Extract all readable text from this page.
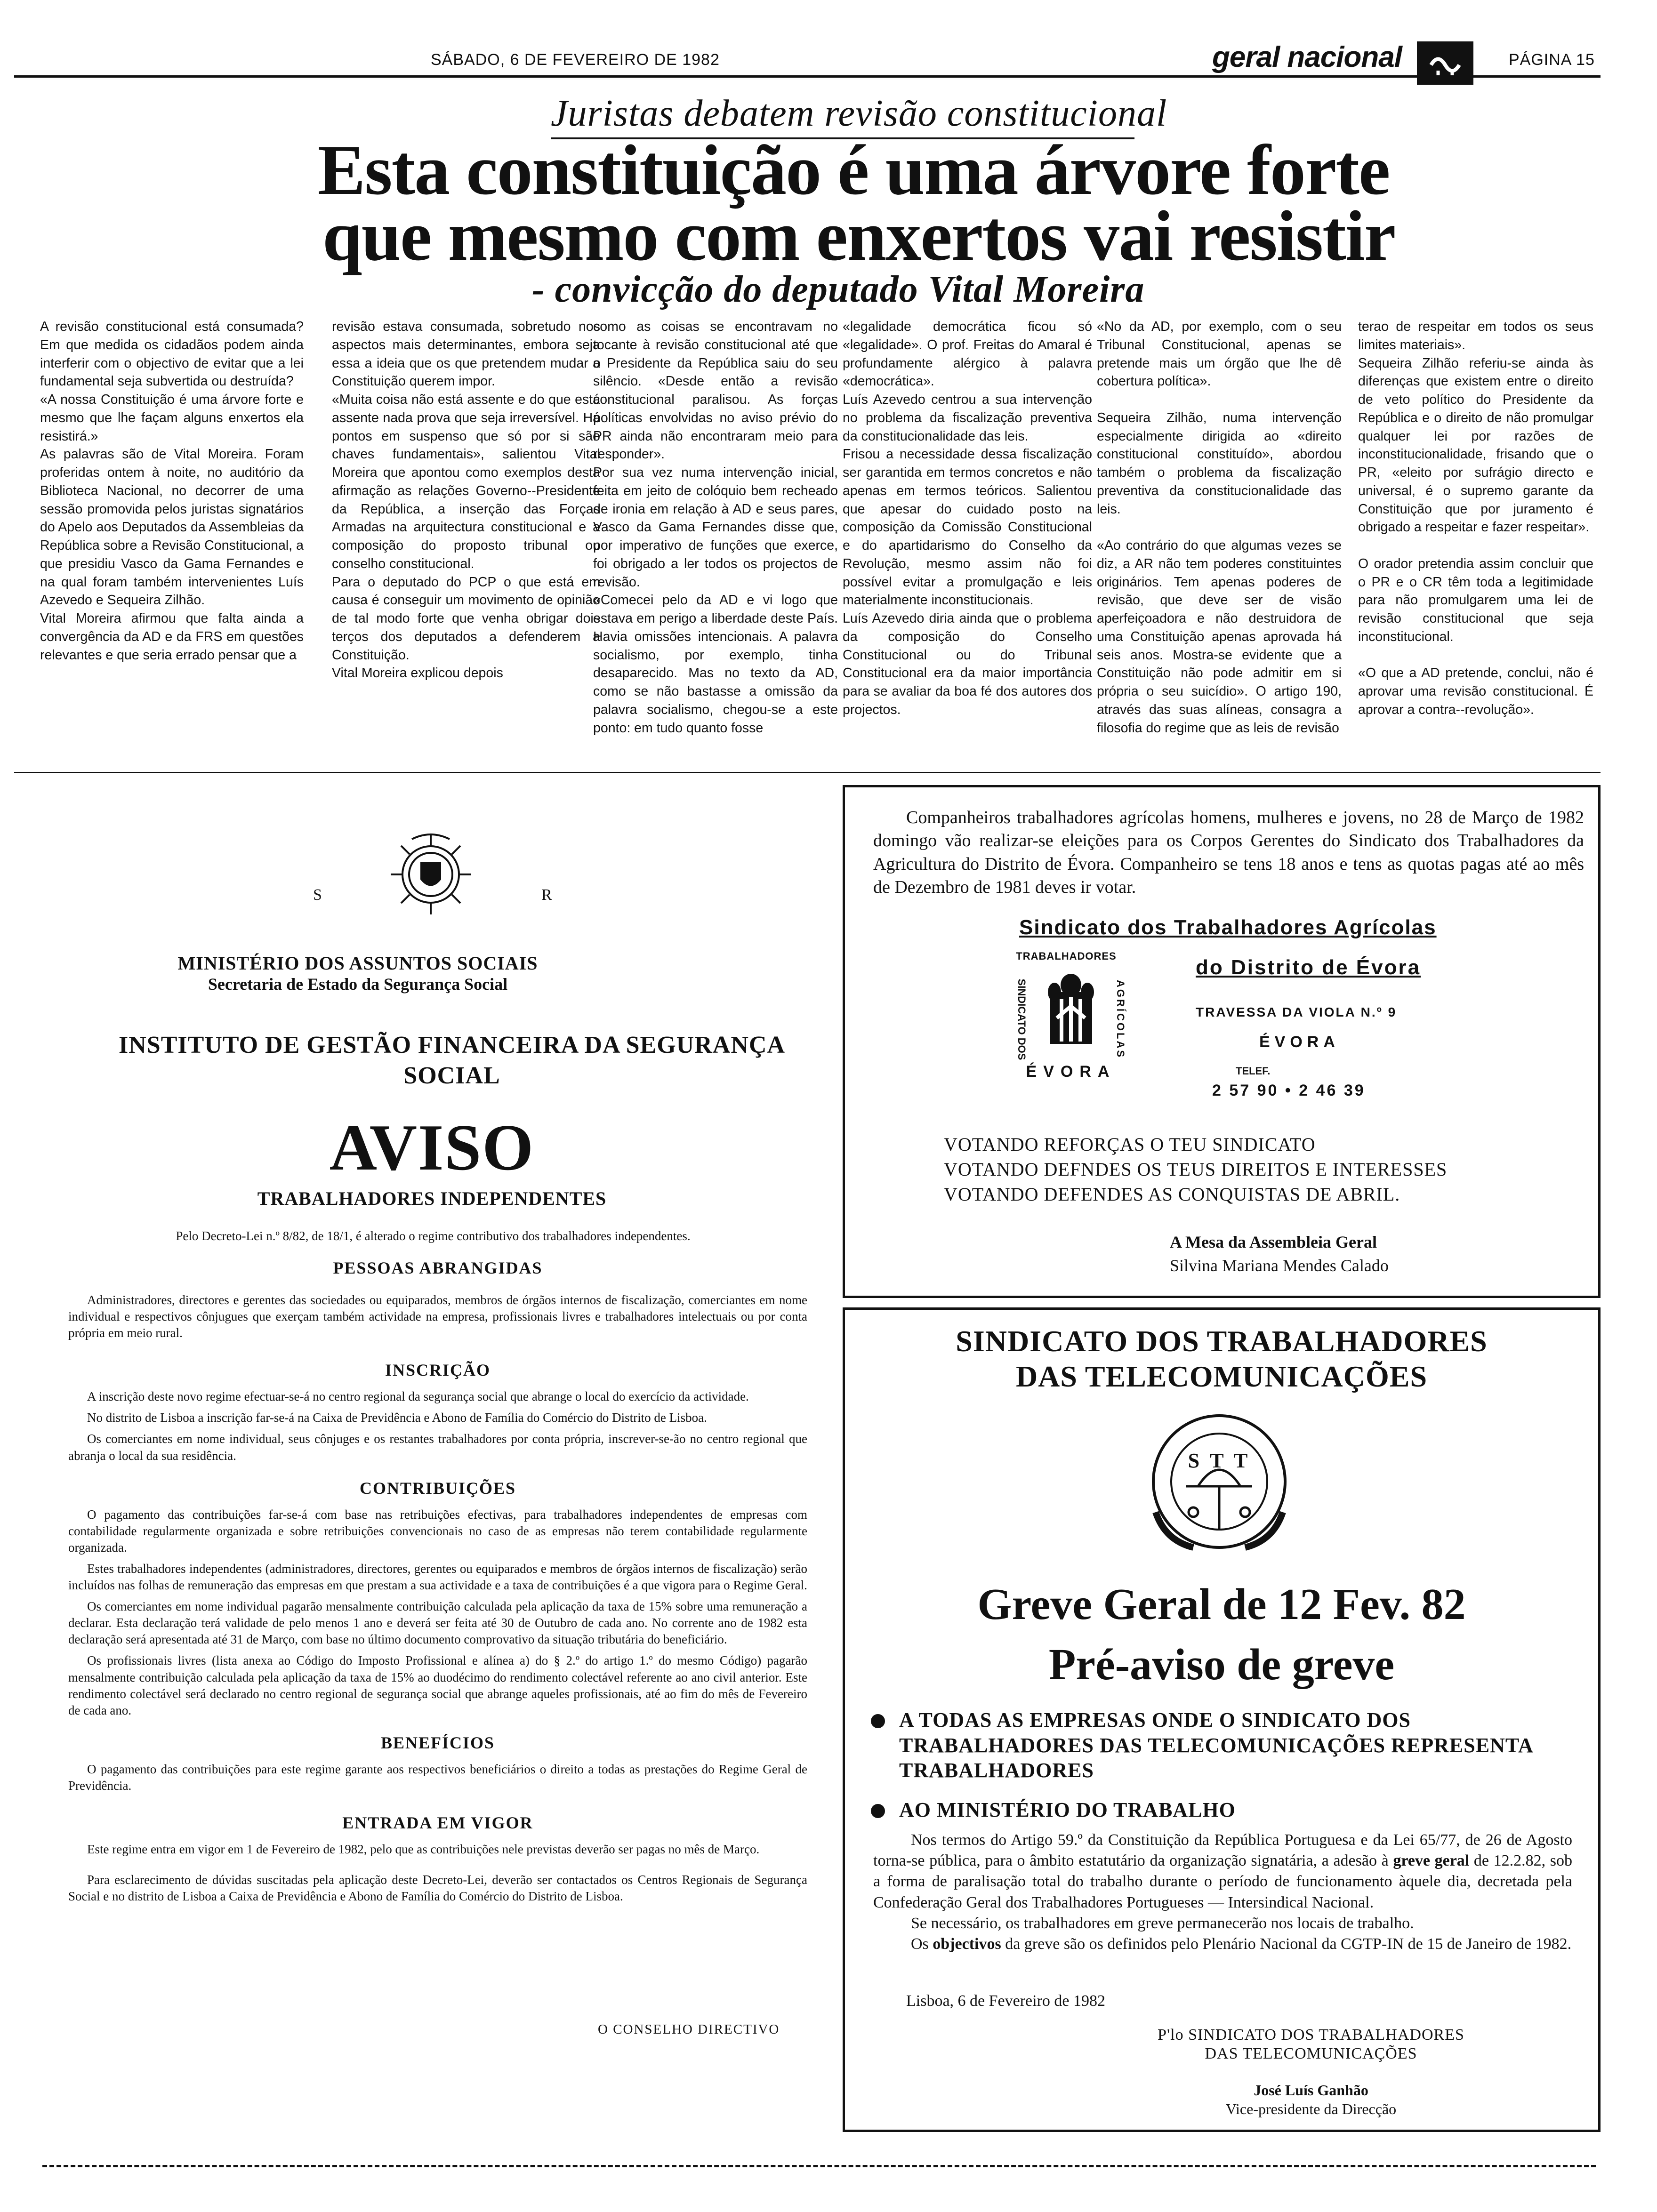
SÁBADO, 6 DE FEVEREIRO DE 1982	geral nacional	PÁGINA 15
Juristas debatem revisão constitucional
Esta constituição é uma árvore forte
que mesmo com enxertos vai resistir
- convicção do deputado Vital Moreira
A revisão constitucional está consumada? Em que medida os cidadãos podem ainda interferir com o objectivo de evitar que a lei fundamental seja subvertida ou destruída?
«A nossa Constituição é uma árvore forte e mesmo que lhe façam alguns enxertos ela resistirá.»
As palavras são de Vital Moreira. Foram proferidas ontem à noite, no auditório da Biblioteca Nacional, no decorrer de uma sessão promovida pelos juristas signatários do Apelo aos Deputados da Assembleias da República sobre a Revisão Constitucional, a que presidiu Vasco da Gama Fernandes e na qual foram também intervenientes Luís Azevedo e Sequeira Zilhão.
Vital Moreira afirmou que falta ainda a convergência da AD e da FRS em questões relevantes e que seria errado pensar que a
revisão estava consumada, sobretudo nos aspectos mais determinantes, embora seja essa a ideia que os que pretendem mudar a Constituição querem impor.
«Muita coisa não está assente e do que está assente nada prova que seja irreversível. Há pontos em suspenso que só por si são chaves fundamentais», salientou Vital Moreira que apontou como exemplos desta afirmação as relações Governo--Presidente da República, a inserção das Forças Armadas na arquitectura constitucional e a composição do proposto tribunal ou conselho constitucional.
Para o deputado do PCP o que está em causa é conseguir um movimento de opinião de tal modo forte que venha obrigar dois terços dos deputados a defenderem a Constituição.
Vital Moreira explicou depois
como as coisas se encontravam no tocante à revisão constitucional até que o Presidente da República saiu do seu silêncio. «Desde então a revisão constitucional paralisou. As forças políticas envolvidas no aviso prévio do PR ainda não encontraram meio para responder».
Por sua vez numa intervenção inicial, feita em jeito de colóquio bem recheado de ironia em relação à AD e seus pares, Vasco da Gama Fernandes disse que, por imperativo de funções que exerce, foi obrigado a ler todos os projectos de revisão.
«Comecei pelo da AD e vi logo que estava em perigo a liberdade deste País. Havia omissões intencionais. A palavra socialismo, por exemplo, tinha desaparecido. Mas no texto da AD, como se não bastasse a omissão da palavra socialismo, chegou-se a este ponto: em tudo quanto fosse
«legalidade democrática ficou só «legalidade». O prof. Freitas do Amaral é profundamente alérgico à palavra «democrática».
Luís Azevedo centrou a sua intervenção no problema da fiscalização preventiva da constitucionalidade das leis.
Frisou a necessidade dessa fiscalização ser garantida em termos concretos e não apenas em termos teóricos. Salientou que apesar do cuidado posto na composição da Comissão Constitucional e do apartidarismo do Conselho da Revolução, mesmo assim não foi possível evitar a promulgação e leis materialmente inconstitucionais.
Luís Azevedo diria ainda que o problema da composição do Conselho Constitucional ou do Tribunal Constitucional era da maior importância para se avaliar da boa fé dos autores dos projectos.
«No da AD, por exemplo, com o seu Tribunal Constitucional, apenas se pretende mais um órgão que lhe dê cobertura política».

Sequeira Zilhão, numa intervenção especialmente dirigida ao «direito constitucional constituído», abordou também o problema da fiscalização preventiva da constitucionalidade das leis.

«Ao contrário do que algumas vezes se diz, a AR não tem poderes constituintes originários. Tem apenas poderes de revisão, que deve ser de visão aperfeiçoadora e não destruidora de uma Constituição apenas aprovada há seis anos. Mostra-se evidente que a Constituição não pode admitir em si própria o seu suicídio». O artigo 190, através das suas alíneas, consagra a filosofia do regime que as leis de revisão
terao de respeitar em todos os seus limites materiais».
Sequeira Zilhão referiu-se ainda às diferenças que existem entre o direito de veto político do Presidente da República e o direito de não promulgar qualquer lei por razões de inconstitucionalidade, frisando que o PR, «eleito por sufrágio directo e universal, é o supremo garante da Constituição que por juramento é obrigado a respeitar e fazer respeitar».

O orador pretendia assim concluir que o PR e o CR têm toda a legitimidade para não promulgarem uma lei de revisão constitucional que seja inconstitucional.

«O que a AD pretende, conclui, não é aprovar uma revisão constitucional. É aprovar a contra--revolução».
S	R
MINISTÉRIO DOS ASSUNTOS SOCIAIS
Secretaria de Estado da Segurança Social
INSTITUTO DE GESTÃO FINANCEIRA DA SEGURANÇA SOCIAL
AVISO
TRABALHADORES INDEPENDENTES
Pelo Decreto-Lei n.º 8/82, de 18/1, é alterado o regime contributivo dos trabalhadores independentes.
PESSOAS ABRANGIDAS

Administradores, directores e gerentes das sociedades ou equiparados, membros de órgãos internos de fiscalização, comerciantes em nome individual e respectivos cônjugues que exerçam também actividade na empresa, profissionais livres e trabalhadores intelectuais ou por conta própria em meio rural.

INSCRIÇÃO

A inscrição deste novo regime efectuar-se-á no centro regional da segurança social que abrange o local do exercício da actividade.

No distrito de Lisboa a inscrição far-se-á na Caixa de Previdência e Abono de Família do Comércio do Distrito de Lisboa.

Os comerciantes em nome individual, seus cônjuges e os restantes trabalhadores por conta própria, inscrever-se-ão no centro regional que abranja o local da sua residência.

CONTRIBUIÇÕES

O pagamento das contribuições far-se-á com base nas retribuições efectivas, para trabalhadores independentes de empresas com contabilidade regularmente organizada e sobre retribuições convencionais no caso de as empresas não terem contabilidade regularmente organizada.

Estes trabalhadores independentes (administradores, directores, gerentes ou equiparados e membros de órgãos internos de fiscalização) serão incluídos nas folhas de remuneração das empresas em que prestam a sua actividade e a taxa de contribuições é a que vigora para o Regime Geral.

Os comerciantes em nome individual pagarão mensalmente contribuição calculada pela aplicação da taxa de 15% sobre uma remuneração a declarar. Esta declaração terá validade de pelo menos 1 ano e deverá ser feita até 30 de Outubro de cada ano. No corrente ano de 1982 esta declaração será apresentada até 31 de Março, com base no último documento comprovativo da situação tributária do beneficiário.

Os profissionais livres (lista anexa ao Código do Imposto Profissional e alínea a) do § 2.º do artigo 1.º do mesmo Código) pagarão mensalmente contribuição calculada pela aplicação da taxa de 15% ao duodécimo do rendimento colectável referente ao ano civil anterior. Este rendimento colectável será declarado no centro regional de segurança social que abrange aqueles profissionais, até ao fim do mês de Fevereiro de cada ano.

BENEFÍCIOS

O pagamento das contribuições para este regime garante aos respectivos beneficiários o direito a todas as prestações do Regime Geral de Previdência.

ENTRADA EM VIGOR

Este regime entra em vigor em 1 de Fevereiro de 1982, pelo que as contribuições nele previstas deverão ser pagas no mês de Março.

Para esclarecimento de dúvidas suscitadas pela aplicação deste Decreto-Lei, deverão ser contactados os Centros Regionais de Segurança Social e no distrito de Lisboa a Caixa de Previdência e Abono de Família do Comércio do Distrito de Lisboa.

O CONSELHO DIRECTIVO
Companheiros trabalhadores agrícolas homens, mulheres e jovens, no 28 de Março de 1982 domingo vão realizar-se eleições para os Corpos Gerentes do Sindicato dos Trabalhadores da Agricultura do Distrito de Évora. Companheiro se tens 18 anos e tens as quotas pagas até ao mês de Dezembro de 1981 deves ir votar.
Sindicato dos Trabalhadores Agrícolas
do Distrito de Évora
TRABALHADORES
SINDICATO DOS	AGRÍCOLAS
ÉVORA
TRAVESSA DA VIOLA N.º 9
ÉVORA
TELEF.
2 57 90 • 2 46 39
VOTANDO REFORÇAS O TEU SINDICATO
VOTANDO DEFNDES OS TEUS DIREITOS E INTERESSES
VOTANDO DEFENDES AS CONQUISTAS DE ABRIL.
A Mesa da Assembleia Geral
Silvina Mariana Mendes Calado
SINDICATO DOS TRABALHADORES
DAS TELECOMUNICAÇÕES
S T T
Greve Geral de 12 Fev. 82
Pré-aviso de greve
A TODAS AS EMPRESAS ONDE O SINDICATO DOS TRABALHADORES DAS TELECOMUNICAÇÕES REPRESENTA TRABALHADORES
AO MINISTÉRIO DO TRABALHO

Nos termos do Artigo 59.º da Constituição da República Portuguesa e da Lei 65/77, de 26 de Agosto torna-se pública, para o âmbito estatutário da organização signatária, a adesão à greve geral de 12.2.82, sob a forma de paralisação total do trabalho durante o período de funcionamento àquele dia, decretada pela Confederação Geral dos Trabalhadores Portugueses — Intersindical Nacional.

Se necessário, os trabalhadores em greve permanecerão nos locais de trabalho.

Os objectivos da greve são os definidos pelo Plenário Nacional da CGTP-IN de 15 de Janeiro de 1982.

Lisboa, 6 de Fevereiro de 1982
P'lo SINDICATO DOS TRABALHADORES
DAS TELECOMUNICAÇÕES
José Luís Ganhão
Vice-presidente da Direcção
